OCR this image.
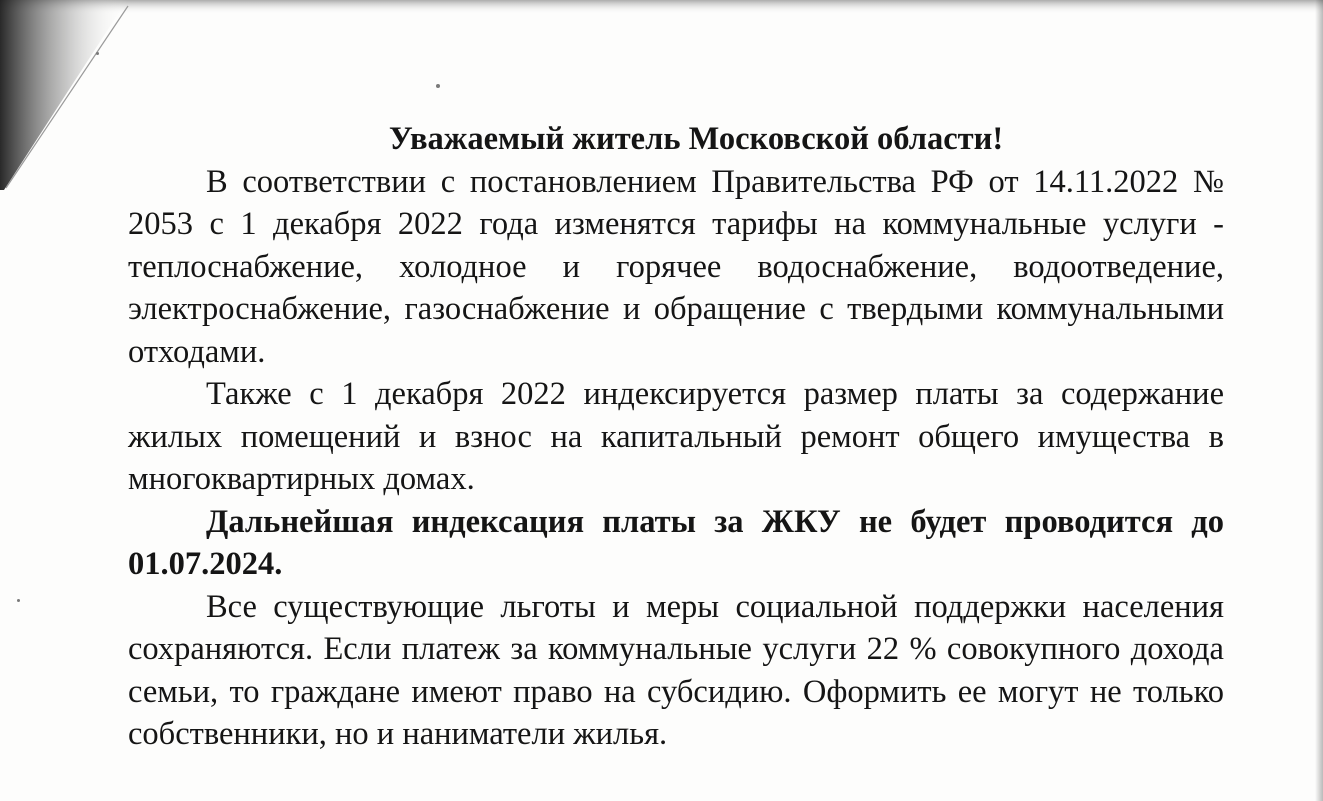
Уважаемый житель Московской области!

В соответствии с постановлением Правительства РФ от 14.11.2022 № 2053 с 1 декабря 2022 года изменятся тарифы на коммунальные услуги - теплоснабжение, холодное и горячее водоснабжение, водоотведение, электроснабжение, газоснабжение и обращение с твердыми коммунальными отходами.

Также с 1 декабря 2022 индексируется размер платы за содержание жилых помещений и взнос на капитальный ремонт общего имущества в многоквартирных домах.

Дальнейшая индексация платы за ЖКУ не будет проводится до 01.07.2024.

Все существующие льготы и меры социальной поддержки населения сохраняются. Если платеж за коммунальные услуги 22 % совокупного дохода семьи, то граждане имеют право на субсидию. Оформить ее могут не только собственники, но и наниматели жилья.
